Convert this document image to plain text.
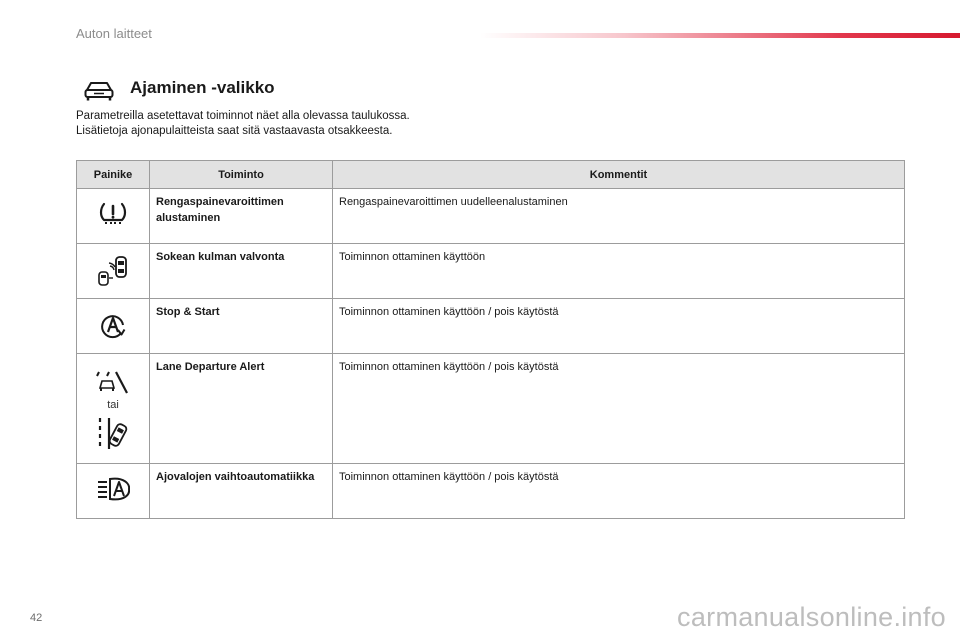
Auton laitteet
Ajaminen -valikko

Parametreilla asetettavat toiminnot näet alla olevassa taulukossa.

Lisätietoja ajonapulaitteista saat sitä vastaavasta otsakkeesta.

Painike	Toiminto	Kommentit
	Rengaspainevaroittimen alustaminen	Rengaspainevaroittimen uudelleenalustaminen
	Sokean kulman valvonta	Toiminnon ottaminen käyttöön
	Stop & Start	Toiminnon ottaminen käyttöön / pois käytöstä

tai	Lane Departure Alert	Toiminnon ottaminen käyttöön / pois käytöstä
	Ajovalojen vaihtoautomatiikka	Toiminnon ottaminen käyttöön / pois käytöstä
42	carmanualsonline.info
